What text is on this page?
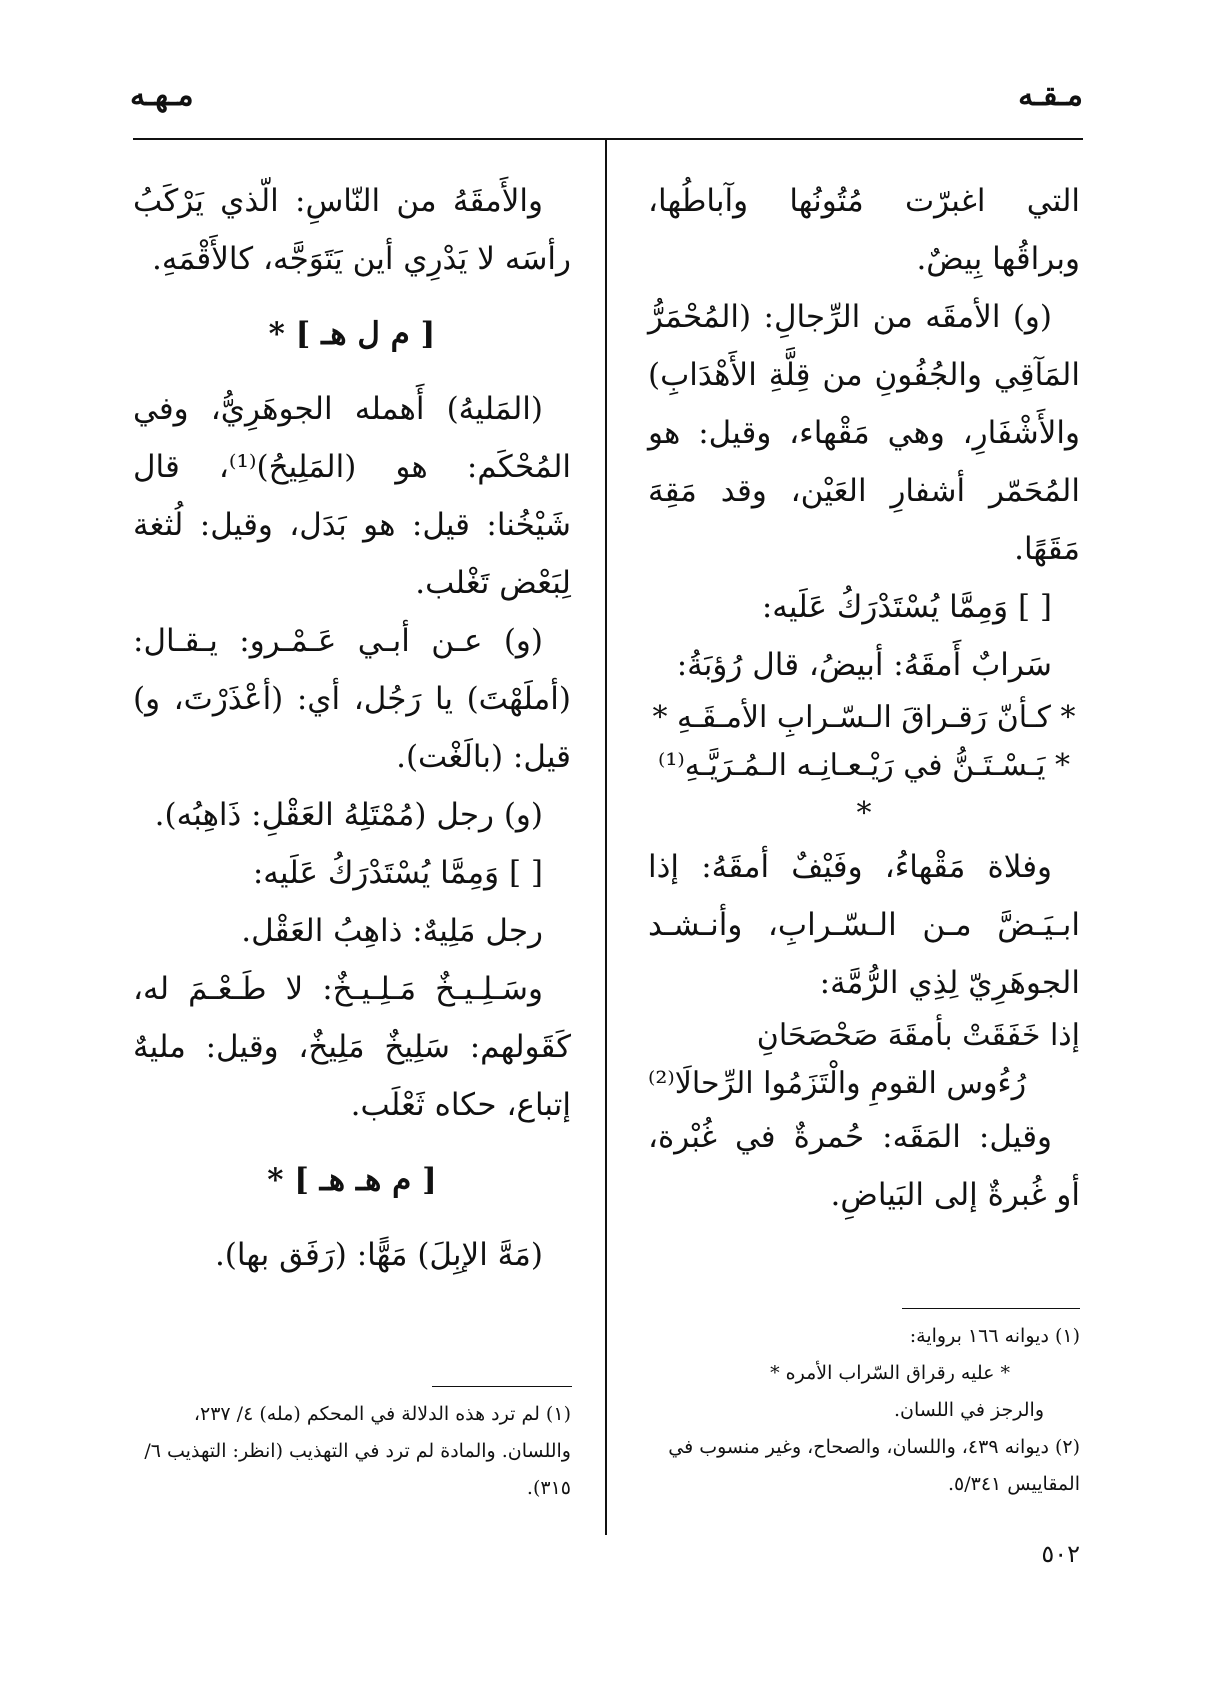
مـقـه
مـهـه

التي اغبرّت مُتُونُها وآباطُها، وبراقُها بِيضٌ.

(و) الأمقَه من الرِّجالِ: (المُحْمَرُّ المَآقِي والجُفُونِ من قِلَّةِ الأَهْدَابِ) والأَشْفَارِ، وهي مَقْهاء، وقيل: هو المُحَمّر أشفارِ العَيْن، وقد مَقِهَ مَقَهًا.

[ ] وَمِمَّا يُسْتَدْرَكُ عَلَيه:

سَرابٌ أَمقَهُ: أبيضُ، قال رُؤبَةُ:

* كـأنّ رَقـراقَ الـسّـرابِ الأمـقَـهِ *

* يَـسْـتَـنُّ في رَيْـعـانِـه الـمُـرَيَّـهِ⁽¹⁾ *

وفلاة مَقْهاءُ، وفَيْفٌ أمقَهُ: إذا ابـيَـضَّ مـن الـسّـرابِ، وأنـشـد الجوهَرِيّ لِذِي الرُّمَّة:

إذا خَفَقَتْ بأمقَهَ صَحْصَحَانِ

رُءُوس القومِ والْتَزَمُوا الرِّحالَا⁽²⁾

وقيل: المَقَه: حُمرةٌ في غُبْرة، أو غُبرةٌ إلى البَياضِ.

والأَمقَهُ من النّاسِ: الّذي يَرْكَبُ رأسَه لا يَدْرِي أين يَتَوَجَّه، كالأَقْمَهِ.

[ م ل هـ ] *

(المَليهُ) أَهمله الجوهَرِيُّ، وفي المُحْكَم: هو (المَلِيحُ)⁽¹⁾، قال شَيْخُنا: قيل: هو بَدَل، وقيل: لُثغة لِبَعْض تَغْلب.

(و) عـن أبـي عَـمْـرو: يـقـال: (أملَهْتَ) يا رَجُل، أي: (أعْذَرْتَ، و) قيل: (بالَغْت).

(و) رجل (مُمْتَلِهُ العَقْلِ: ذَاهِبُه).

[ ] وَمِمَّا يُسْتَدْرَكُ عَلَيه:

رجل مَلِيهٌ: ذاهِبُ العَقْل.

وسَـلِـيـخٌ مَـلِـيـخٌ: لا طَـعْـمَ له، كَقَولهم: سَلِيخٌ مَلِيخٌ، وقيل: مليهٌ إتباع، حكاه ثَعْلَب.

[ م هـ هـ ] *

(مَهَّ الإبِلَ) مَهًّا: (رَفَق بها).

(١) ديوانه ١٦٦ برواية:

* عليه رقراق السّراب الأمره *

والرجز في اللسان.

(٢) ديوانه ٤٣٩، واللسان، والصحاح، وغير منسوب في المقاييس ٥/٣٤١.

(١) لم ترد هذه الدلالة في المحكم (مله) ٤/ ٢٣٧، واللسان. والمادة لم ترد في التهذيب (انظر: التهذيب ٦/ ٣١٥).

٥٠٢
